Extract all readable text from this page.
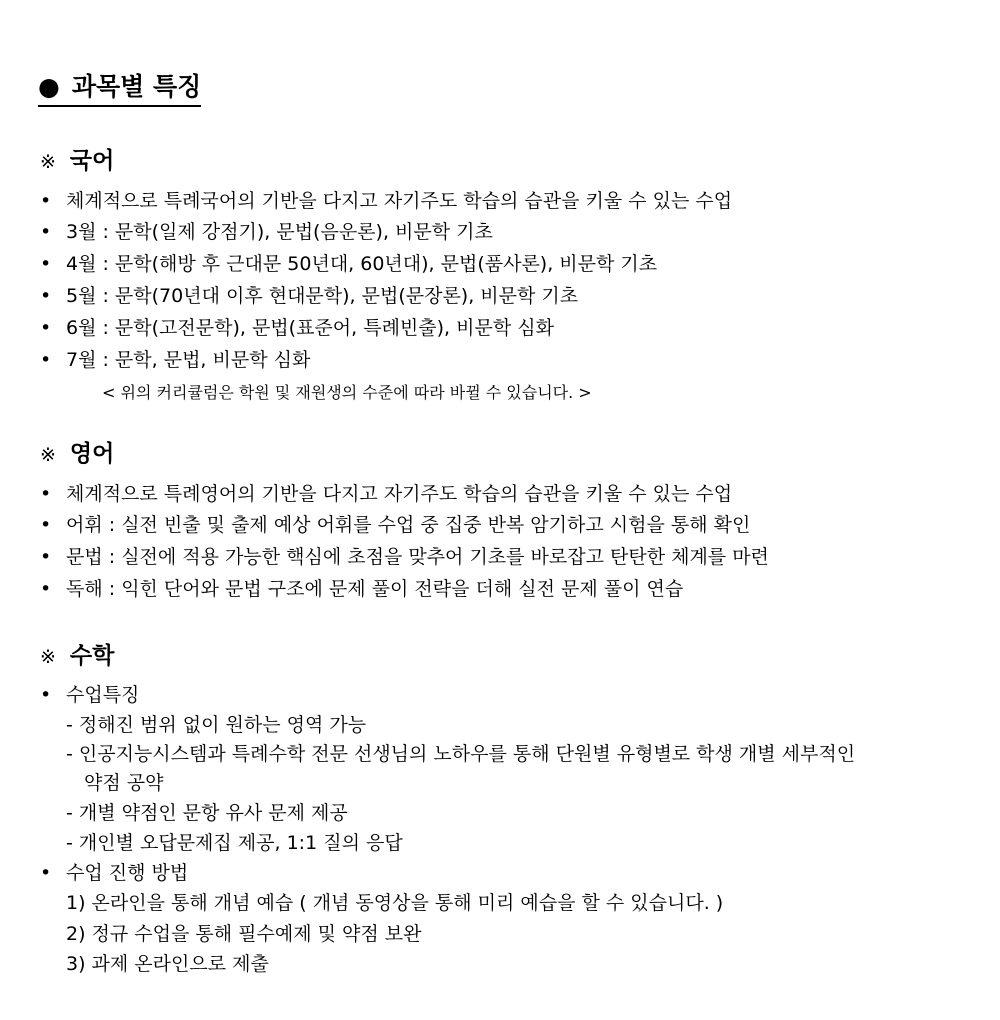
● 과목별 특징
※ 국어
• 체계적으로 특례국어의 기반을 다지고 자기주도 학습의 습관을 키울 수 있는 수업
• 3월 : 문학(일제 강점기), 문법(음운론), 비문학 기초
• 4월 : 문학(해방 후 근대문 50년대, 60년대), 문법(품사론), 비문학 기초
• 5월 : 문학(70년대 이후 현대문학), 문법(문장론), 비문학 기초
• 6월 : 문학(고전문학), 문법(표준어, 특례빈출), 비문학 심화
• 7월 : 문학, 문법, 비문학 심화
< 위의 커리큘럼은 학원 및 재원생의 수준에 따라 바뀔 수 있습니다. >
※ 영어
• 체계적으로 특례영어의 기반을 다지고 자기주도 학습의 습관을 키울 수 있는 수업
• 어휘 : 실전 빈출 및 출제 예상 어휘를 수업 중 집중 반복 암기하고 시험을 통해 확인
• 문법 : 실전에 적용 가능한 핵심에 초점을 맞추어 기초를 바로잡고 탄탄한 체계를 마련
• 독해 : 익힌 단어와 문법 구조에 문제 풀이 전략을 더해 실전 문제 풀이 연습
※ 수학
• 수업특징
- 정해진 범위 없이 원하는 영역 가능
- 인공지능시스템과 특례수학 전문 선생님의 노하우를 통해 단원별 유형별로 학생 개별 세부적인
약점 공약
- 개별 약점인 문항 유사 문제 제공
- 개인별 오답문제집 제공, 1:1 질의 응답
• 수업 진행 방법
1) 온라인을 통해 개념 예습 ( 개념 동영상을 통해 미리 예습을 할 수 있습니다. )
2) 정규 수업을 통해 필수예제 및 약점 보완
3) 과제 온라인으로 제출
